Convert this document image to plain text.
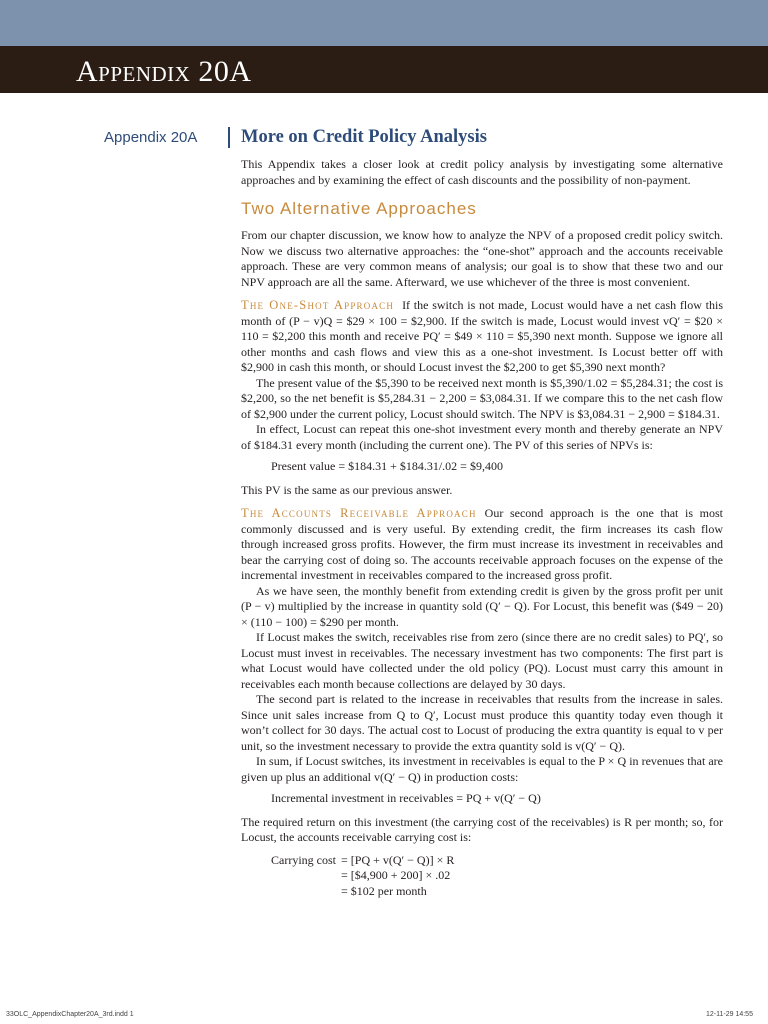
Appendix 20A
Appendix 20A More on Credit Policy Analysis

This Appendix takes a closer look at credit policy analysis by investigating some alternative approaches and by examining the effect of cash discounts and the possibility of non-payment.

Two Alternative Approaches

From our chapter discussion, we know how to analyze the NPV of a proposed credit policy switch. Now we discuss two alternative approaches: the “one-shot” approach and the accounts receivable approach. These are very common means of analysis; our goal is to show that these two and our NPV approach are all the same. Afterward, we use whichever of the three is most convenient.

The One-Shot Approach If the switch is not made, Locust would have a net cash flow this month of (P − v)Q = $29 × 100 = $2,900. If the switch is made, Locust would invest vQ′ = $20 × 110 = $2,200 this month and receive PQ′ = $49 × 110 = $5,390 next month. Suppose we ignore all other months and cash flows and view this as a one-shot investment. Is Locust better off with $2,900 in cash this month, or should Locust invest the $2,200 to get $5,390 next month?

The present value of the $5,390 to be received next month is $5,390/1.02 = $5,284.31; the cost is $2,200, so the net benefit is $5,284.31 − 2,200 = $3,084.31. If we compare this to the net cash flow of $2,900 under the current policy, Locust should switch. The NPV is $3,084.31 − 2,900 = $184.31.

In effect, Locust can repeat this one-shot investment every month and thereby generate an NPV of $184.31 every month (including the current one). The PV of this series of NPVs is:

Present value = $184.31 + $184.31/.02 = $9,400

This PV is the same as our previous answer.

The Accounts Receivable Approach Our second approach is the one that is most commonly discussed and is very useful. By extending credit, the firm increases its cash flow through increased gross profits. However, the firm must increase its investment in receivables and bear the carrying cost of doing so. The accounts receivable approach focuses on the expense of the incremental investment in receivables compared to the increased gross profit.

As we have seen, the monthly benefit from extending credit is given by the gross profit per unit (P − v) multiplied by the increase in quantity sold (Q′ − Q). For Locust, this benefit was ($49 − 20) × (110 − 100) = $290 per month.

If Locust makes the switch, receivables rise from zero (since there are no credit sales) to PQ′, so Locust must invest in receivables. The necessary investment has two components: The first part is what Locust would have collected under the old policy (PQ). Locust must carry this amount in receivables each month because collections are delayed by 30 days.

The second part is related to the increase in receivables that results from the increase in sales. Since unit sales increase from Q to Q′, Locust must produce this quantity today even though it won’t collect for 30 days. The actual cost to Locust of producing the extra quantity is equal to v per unit, so the investment necessary to provide the extra quantity sold is v(Q′ − Q).

In sum, if Locust switches, its investment in receivables is equal to the P × Q in revenues that are given up plus an additional v(Q′ − Q) in production costs:

Incremental investment in receivables = PQ + v(Q′ − Q)

The required return on this investment (the carrying cost of the receivables) is R per month; so, for Locust, the accounts receivable carrying cost is:

Carrying cost = [PQ + v(Q′ − Q)] × R
= [$4,900 + 200] × .02
= $102 per month
33OLC_AppendixChapter20A_3rd.indd 1	12-11-29 14:55
